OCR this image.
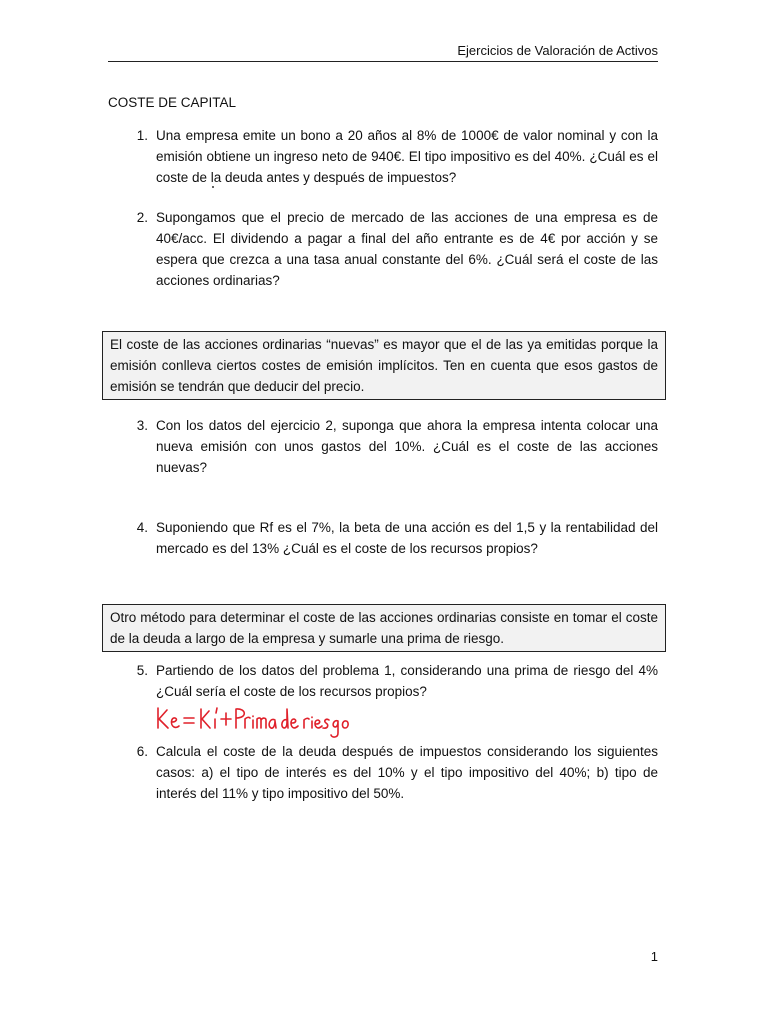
Ejercicios de Valoración de Activos
COSTE DE CAPITAL
1. Una empresa emite un bono a 20 años al 8% de 1000€ de valor nominal y con la emisión obtiene un ingreso neto de 940€. El tipo impositivo es del 40%. ¿Cuál es el coste de la deuda antes y después de impuestos?
2. Supongamos que el precio de mercado de las acciones de una empresa es de 40€/acc. El dividendo a pagar a final del año entrante es de 4€ por acción y se espera que crezca a una tasa anual constante del 6%. ¿Cuál será el coste de las acciones ordinarias?
El coste de las acciones ordinarias “nuevas” es mayor que el de las ya emitidas porque la emisión conlleva ciertos costes de emisión implícitos. Ten en cuenta que esos gastos de emisión se tendrán que deducir del precio.
3. Con los datos del ejercicio 2, suponga que ahora la empresa intenta colocar una nueva emisión con unos gastos del 10%. ¿Cuál es el coste de las acciones nuevas?
4. Suponiendo que Rf es el 7%, la beta de una acción es del 1,5 y la rentabilidad del mercado es del 13% ¿Cuál es el coste de los recursos propios?
Otro método para determinar el coste de las acciones ordinarias consiste en tomar el coste de la deuda a largo de la empresa y sumarle una prima de riesgo.
5. Partiendo de los datos del problema 1, considerando una prima de riesgo del 4% ¿Cuál sería el coste de los recursos propios?
6. Calcula el coste de la deuda después de impuestos considerando los siguientes casos: a) el tipo de interés es del 10% y el tipo impositivo del 40%; b) tipo de interés del 11% y tipo impositivo del 50%.
1
